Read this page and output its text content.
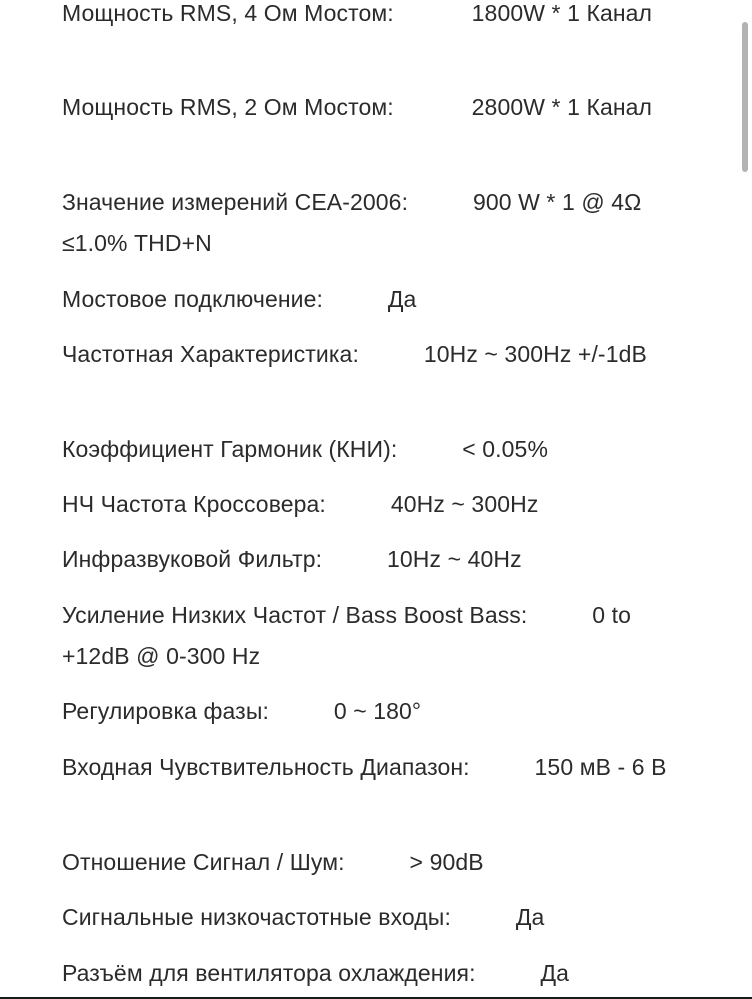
Мощность RMS, 4 Ом Мостом:            1800W * 1 Канал
Мощность RMS, 2 Ом Мостом:            2800W * 1 Канал
Значение измерений CEA-2006:          900 W * 1 @ 4Ω ≤1.0% THD+N
Мостовое подключение:          Да
Частотная Характеристика:          10Hz ~ 300Hz +/-1dB
Коэффициент Гармоник (КНИ):          < 0.05%
НЧ Частота Кроссовера:          40Hz ~ 300Hz
Инфразвуковой Фильтр:          10Hz ~ 40Hz
Усиление Низких Частот / Bass Boost Bass:          0 to +12dB @ 0-300 Hz
Регулировка фазы:          0 ~ 180°
Входная Чувствительность Диапазон:          150 мВ - 6 В
Отношение Сигнал / Шум:          > 90dB
Сигнальные низкочастотные входы:          Да
Разъём для вентилятора охлаждения:          Да
